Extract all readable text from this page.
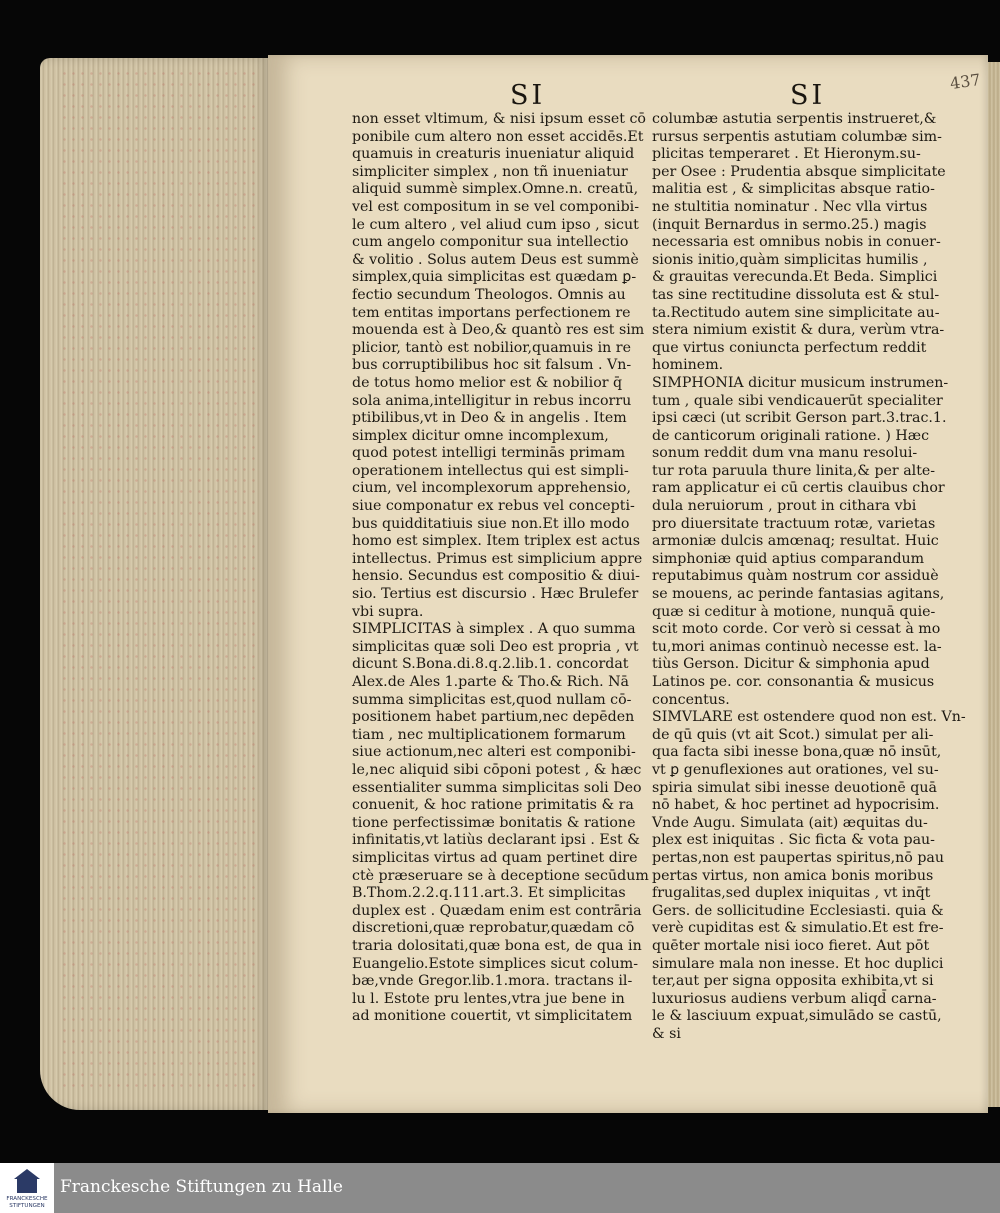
SI	SI	437

non esset vltimum, & nisi ipsum esset cō

ponibile cum altero non esset accidēs.Et

quamuis in creaturis inueniatur aliquid

simpliciter simplex , non tñ inueniatur

aliquid summè simplex.Omne.n. creatū,

vel est compositum in se vel componibi-

le cum altero , vel aliud cum ipso , sicut

cum angelo componitur sua intellectio

& volitio . Solus autem Deus est summè

simplex,quia simplicitas est quædam ꝑ-

fectio secundum Theologos. Omnis au

tem entitas importans perfectionem re

mouenda est à Deo,& quantò res est sim

plicior, tantò est nobilior,quamuis in re

bus corruptibilibus hoc sit falsum . Vn-

de totus homo melior est & nobilior q̄

sola anima,intelligitur in rebus incorru

ptibilibus,vt in Deo & in angelis . Item

simplex dicitur omne incomplexum,

quod potest intelligi terminās primam

operationem intellectus qui est simpli-

cium, vel incomplexorum apprehensio,

siue componatur ex rebus vel concepti-

bus quidditatiuis siue non.Et illo modo

homo est simplex. Item triplex est actus

intellectus. Primus est simplicium appre

hensio. Secundus est compositio & diui-

sio. Tertius est discursio . Hæc Brulefer

vbi supra.

SIMPLICITAS à simplex . A quo summa

simplicitas quæ soli Deo est propria , vt

dicunt S.Bona.di.8.q.2.lib.1. concordat

Alex.de Ales 1.parte & Tho.& Rich. Nā

summa simplicitas est,quod nullam cō-

positionem habet partium,nec depēden

tiam , nec multiplicationem formarum

siue actionum,nec alteri est componibi-

le,nec aliquid sibi cōponi potest , & hæc

essentialiter summa simplicitas soli Deo

conuenit, & hoc ratione primitatis & ra

tione perfectissimæ bonitatis & ratione

infinitatis,vt latiùs declarant ipsi . Est &

simplicitas virtus ad quam pertinet dire

ctè præseruare se à deceptione secūdum

B.Thom.2.2.q.111.art.3. Et simplicitas

duplex est . Quædam enim est contrāria

discretioni,quæ reprobatur,quædam cō

traria dolositati,quæ bona est, de qua in

Euangelio.Estote simplices sicut colum-

bæ,vnde Gregor.lib.1.mora. tractans il-

lu l. Estote pru lentes,vtra jue bene in

ad monitione couertit, vt simplicitatem

columbæ astutia serpentis instrueret,&

rursus serpentis astutiam columbæ sim-

plicitas temperaret . Et Hieronym.su-

per Osee : Prudentia absque simplicitate

malitia est , & simplicitas absque ratio-

ne stultitia nominatur . Nec vlla virtus

(inquit Bernardus in sermo.25.) magis

necessaria est omnibus nobis in conuer-

sionis initio,quàm simplicitas humilis ,

& grauitas verecunda.Et Beda. Simplici

tas sine rectitudine dissoluta est & stul-

ta.Rectitudo autem sine simplicitate au-

stera nimium existit & dura, verùm vtra-

que virtus coniuncta perfectum reddit

hominem.

SIMPHONIA dicitur musicum instrumen-

tum , quale sibi vendicauerūt specialiter

ipsi cæci (ut scribit Gerson part.3.trac.1.

de canticorum originali ratione. ) Hæc

sonum reddit dum vna manu resolui-

tur rota paruula thure linita,& per alte-

ram applicatur ei cū certis clauibus chor

dula neruiorum , prout in cithara vbi

pro diuersitate tractuum rotæ, varietas

armoniæ dulcis amœnaq; resultat. Huic

simphoniæ quid aptius comparandum

reputabimus quàm nostrum cor assiduè

se mouens, ac perinde fantasias agitans,

quæ si ceditur à motione, nunquā quie-

scit moto corde. Cor verò si cessat à mo

tu,mori animas continuò necesse est. la-

tiùs Gerson. Dicitur & simphonia apud

Latinos pe. cor. consonantia & musicus

concentus.

SIMVLARE est ostendere quod non est. Vn-

de qū quis (vt ait Scot.) simulat per ali-

qua facta sibi inesse bona,quæ nō insūt,

vt ꝑ genuflexiones aut orationes, vel su-

spiria simulat sibi inesse deuotionē quā

nō habet, & hoc pertinet ad hypocrisim.

Vnde Augu. Simulata (ait) æquitas du-

plex est iniquitas . Sic ficta & vota pau-

pertas,non est paupertas spiritus,nō pau

pertas virtus, non amica bonis moribus

frugalitas,sed duplex iniquitas , vt inq̄t

Gers. de sollicitudine Ecclesiasti. quia &

verè cupiditas est & simulatio.Et est fre-

quēter mortale nisi ioco fieret. Aut pōt

simulare mala non inesse. Et hoc duplici

ter,aut per signa opposita exhibita,vt si

luxuriosus audiens verbum aliqd̄ carna-

le & lasciuum expuat,simulādo se castū,

& si

FRANCKESCHE
STIFTUNGEN
Franckesche Stiftungen zu Halle
